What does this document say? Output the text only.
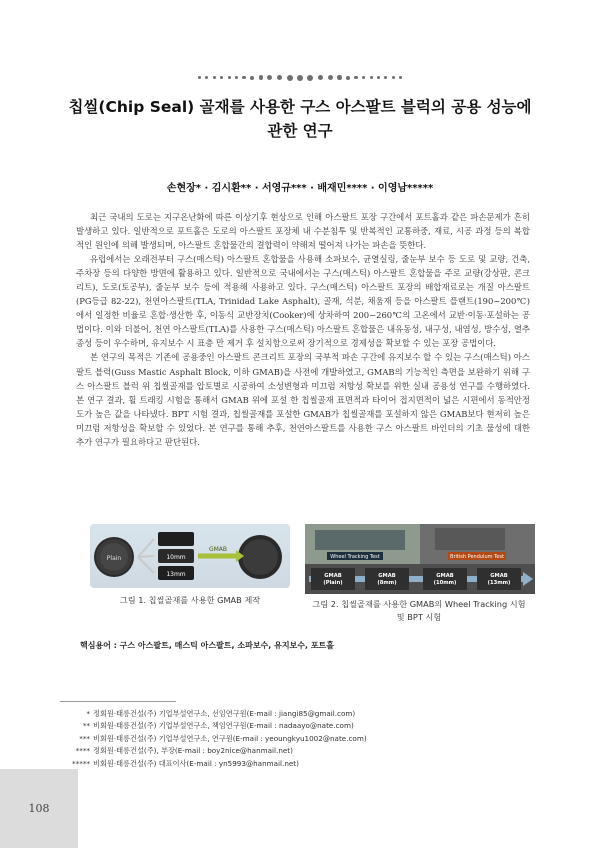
칩씰(Chip Seal) 골재를 사용한 구스 아스팔트 블럭의 공용 성능에 관한 연구
손현장* · 김시환** · 서영규*** · 배재민**** · 이영남*****

최근 국내의 도로는 지구온난화에 따른 이상기후 현상으로 인해 아스팔트 포장 구간에서 포트홀과 같은 파손문제가 흔히 발생하고 있다. 일반적으로 포트홀은 도로의 아스팔트 포장체 내 수분침투 및 반복적인 교통하중, 재료, 시공 과정 등의 복합적인 원인에 의해 발생되며, 아스팔트 혼합물간의 결합력이 약해져 떨어져 나가는 파손을 뜻한다.

유럽에서는 오래전부터 구스(매스틱) 아스팔트 혼합물을 사용해 소파보수, 균열실링, 줄눈부 보수 등 도로 및 교량, 건축, 주차장 등의 다양한 방면에 활용하고 있다. 일반적으로 국내에서는 구스(매스틱) 아스팔트 혼합물을 주로 교량(강상판, 콘크리트), 도로(토공부), 줄눈부 보수 등에 적용해 사용하고 있다. 구스(매스틱) 아스팔트 포장의 배합재료로는 개질 아스팔트(PG등급 82-22), 천연아스팔트(TLA, Trinidad Lake Asphalt), 골재, 석분, 채움재 등을 아스팔트 플랜트(190~200℃)에서 일정한 비율로 혼합·생산한 후, 이동식 교반장치(Cooker)에 상차하여 200~260℃의 고온에서 교반·이동·포설하는 공법이다. 이와 더불어, 천연 아스팔트(TLA)를 사용한 구스(매스틱) 아스팔트 혼합물은 내유동성, 내구성, 내염성, 방수성, 열추종성 등이 우수하며, 유지보수 시 표층 만 제거 후 설치함으로써 장기적으로 경제성을 확보할 수 있는 포장 공법이다.

본 연구의 목적은 기존에 공용중인 아스팔트 콘크리트 포장의 국부적 파손 구간에 유지보수 할 수 있는 구스(매스틱) 아스팔트 블럭(Guss Mastic Asphalt Block, 이하 GMAB)을 사전에 개발하였고, GMAB의 기능적인 측면을 보완하기 위해 구스 아스팔트 블럭 위 칩씰골재를 압토별로 시공하여 소성변형과 미끄럼 저항성 확보를 위한 실내 공용성 연구를 수행하였다. 본 연구 결과, 휠 트래킹 시험을 통해서 GMAB 위에 포설 한 칩씰골재 표면적과 타이어 접지면적이 넓은 시편에서 동적안정도가 높은 값을 나타냈다. BPT 시험 결과, 칩씰골재를 포설한 GMAB가 칩씰골재를 포설하지 않은 GMAB보다 현저히 높은 미끄럼 저항성을 확보할 수 있었다. 본 연구를 통해 추후, 천연아스팔트를 사용한 구스 아스팔트 바인더의 기초 물성에 대한 추가 연구가 필요하다고 판단된다.

Plain	10mm
13mm
GMAB
그림 1. 칩씰골재를 사용한 GMAB 제작
Wheel Tracking Test	British Pendulum Test
GMAB
(Plain)
GMAB
(8mm)
GMAB
(10mm)
GMAB
(13mm)
그림 2. 칩씰골재를 사용한 GMAB의 Wheel Tracking 시험 및 BPT 시험
핵심용어 : 구스 아스팔트, 매스틱 아스팔트, 소파보수, 유지보수, 포트홀
* 정회원·태릉건설(주) 기업부설연구소, 선임연구원(E-mail : jiangi85@gmail.com)
** 비회원·태릉건설(주) 기업부설연구소, 책임연구원(E-mail : nadaayo@nate.com)
*** 비회원·태릉건설(주) 기업부설연구소, 연구원(E-mail : yeoungkyu1002@nate.com)
**** 정회원·태릉건설(주), 부장(E-mail : boy2nice@hanmail.net)
***** 비회원·태릉건설(주) 대표이사(E-mail : yn5993@hanmail.net)
108
